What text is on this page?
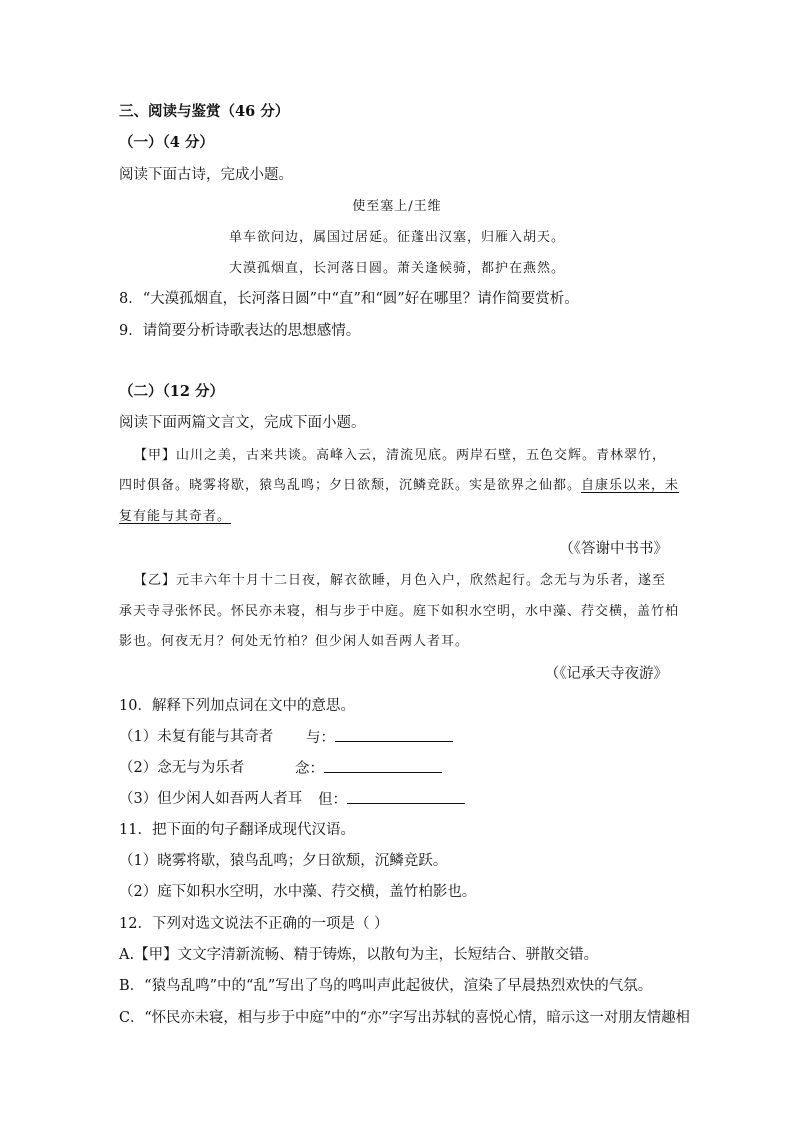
三、阅读与鉴赏（46 分）
（一）（4 分）
阅读下面古诗，完成小题。
使至塞上/王维
单车欲问边，属国过居延。征蓬出汉塞，归雁入胡天。
大漠孤烟直，长河落日圆。萧关逢候骑，都护在燕然。
8．“大漠孤烟直，长河落日圆”中“直”和“圆”好在哪里？请作简要赏析。
9．请简要分析诗歌表达的思想感情。
（二）（12 分）
阅读下面两篇文言文，完成下面小题。
【甲】山川之美，古来共谈。高峰入云，清流见底。两岸石壁，五色交辉。青林翠竹，
四时俱备。晓雾将歇，猿鸟乱鸣；夕日欲颓，沉鳞竞跃。实是欲界之仙都。自康乐以来，未
复有能与其奇者。
（《答谢中书书》
【乙】元丰六年十月十二日夜，解衣欲睡，月色入户，欣然起行。念无与为乐者，遂至
承天寺寻张怀民。怀民亦未寝，相与步于中庭。庭下如积水空明，水中藻、荇交横，盖竹柏
影也。何夜无月？何处无竹柏？但少闲人如吾两人者耳。
（《记承天寺夜游》
10．解释下列加点词在文中的意思。
（1）未复有能与其奇者 与：
（2）念无与为乐者	念：
（3）但少闲人如吾两人者耳 但：
11．把下面的句子翻译成现代汉语。
（1）晓雾将歇，猿鸟乱鸣；夕日欲颓，沉鳞竞跃。
（2）庭下如积水空明，水中藻、荇交横，盖竹柏影也。
12．下列对选文说法不正确的一项是（ ）
A.【甲】文文字清新流畅、精于铸炼，以散句为主，长短结合、骈散交错。
B．“猿鸟乱鸣”中的“乱”写出了鸟的鸣叫声此起彼伏，渲染了早晨热烈欢快的气氛。
C．“怀民亦未寝，相与步于中庭”中的“亦”字写出苏轼的喜悦心情，暗示这一对朋友情趣相
